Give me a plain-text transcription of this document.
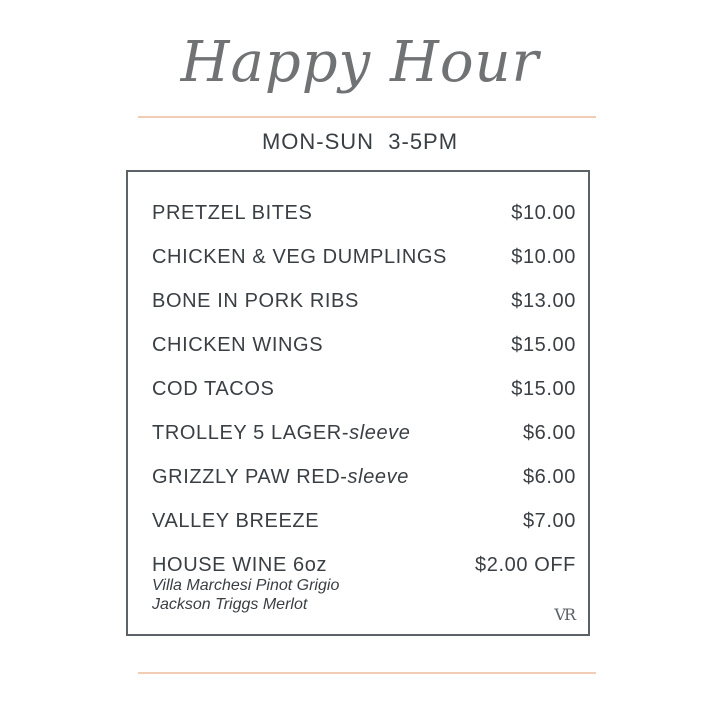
Happy Hour
MON-SUN  3-5PM
PRETZEL BITES	$10.00
CHICKEN & VEG DUMPLINGS	$10.00
BONE IN PORK RIBS	$13.00
CHICKEN WINGS	$15.00
COD TACOS	$15.00
TROLLEY 5 LAGER-sleeve	$6.00
GRIZZLY PAW RED-sleeve	$6.00
VALLEY BREEZE	$7.00
HOUSE WINE 6oz	$2.00 OFF
Villa Marchesi Pinot Grigio
Jackson Triggs Merlot
VR
